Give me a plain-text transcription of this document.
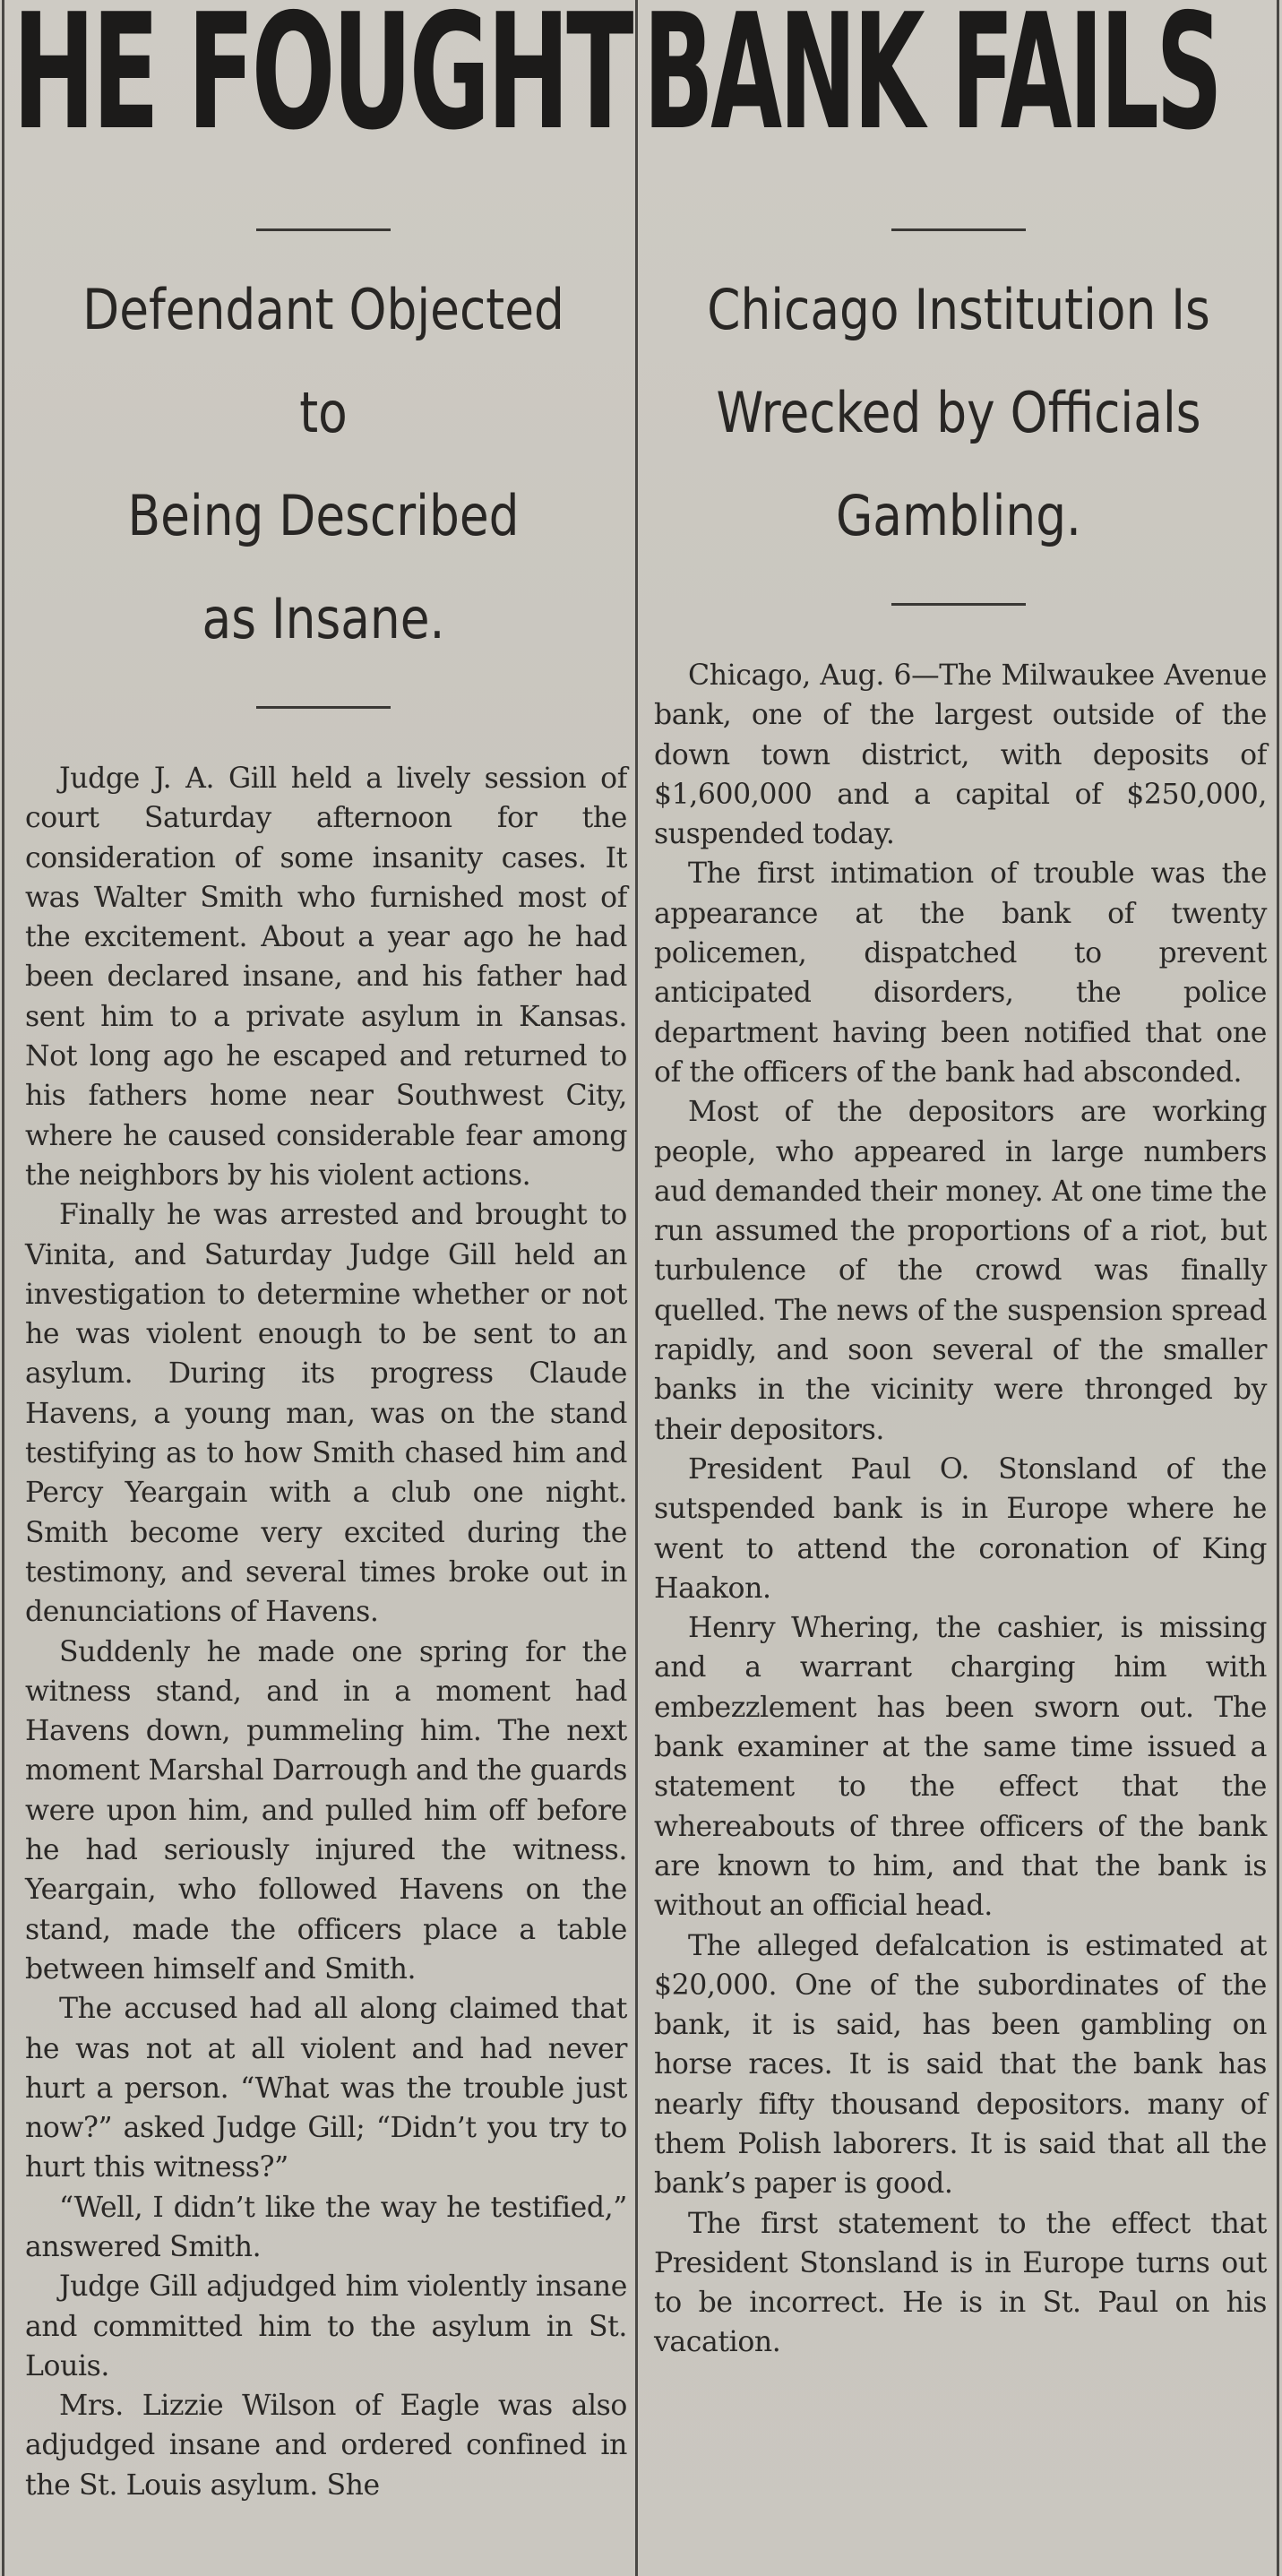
HE FOUGHT
Defendant Objected to
Being Described
as Insane.

Judge J. A. Gill held a lively session of court Saturday afternoon for the consideration of some insanity cases. It was Walter Smith who furnished most of the excitement. About a year ago he had been declared insane, and his father had sent him to a private asylum in Kansas. Not long ago he escaped and returned to his fathers home near Southwest City, where he caused considerable fear among the neighbors by his violent actions.

Finally he was arrested and brought to Vinita, and Saturday Judge Gill held an investigation to determine whether or not he was violent enough to be sent to an asylum. During its progress Claude Havens, a young man, was on the stand testifying as to how Smith chased him and Percy Yeargain with a club one night. Smith become very excited during the testimony, and several times broke out in denunciations of Havens.

Suddenly he made one spring for the witness stand, and in a moment had Havens down, pummeling him. The next moment Marshal Darrough and the guards were upon him, and pulled him off before he had seriously injured the witness. Yeargain, who followed Havens on the stand, made the officers place a table between himself and Smith.

The accused had all along claimed that he was not at all violent and had never hurt a person. “What was the trouble just now?” asked Judge Gill; “Didn’t you try to hurt this witness?”

“Well, I didn’t like the way he testified,” answered Smith.

Judge Gill adjudged him violently insane and committed him to the asylum in St. Louis.

Mrs. Lizzie Wilson of Eagle was also adjudged insane and ordered confined in the St. Louis asylum. She

BANK FAILS
Chicago Institution Is
Wrecked by Officials
Gambling.

Chicago, Aug. 6—The Milwaukee Avenue bank, one of the largest outside of the down town district, with deposits of $1,600,000 and a capital of $250,000, suspended today.

The first intimation of trouble was the appearance at the bank of twenty policemen, dispatched to prevent anticipated disorders, the police department having been notified that one of the officers of the bank had absconded.

Most of the depositors are working people, who appeared in large numbers aud demanded their money. At one time the run assumed the proportions of a riot, but turbulence of the crowd was finally quelled. The news of the suspension spread rapidly, and soon several of the smaller banks in the vicinity were thronged by their depositors.

President Paul O. Stonsland of the sutspended bank is in Europe where he went to attend the coronation of King Haakon.

Henry Whering, the cashier, is missing and a warrant charging him with embezzlement has been sworn out. The bank examiner at the same time issued a statement to the effect that the whereabouts of three officers of the bank are known to him, and that the bank is without an official head.

The alleged defalcation is estimated at $20,000. One of the subordinates of the bank, it is said, has been gambling on horse races. It is said that the bank has nearly fifty thousand depositors. many of them Polish laborers. It is said that all the bank’s paper is good.

The first statement to the effect that President Stonsland is in Europe turns out to be incorrect. He is in St. Paul on his vacation.
